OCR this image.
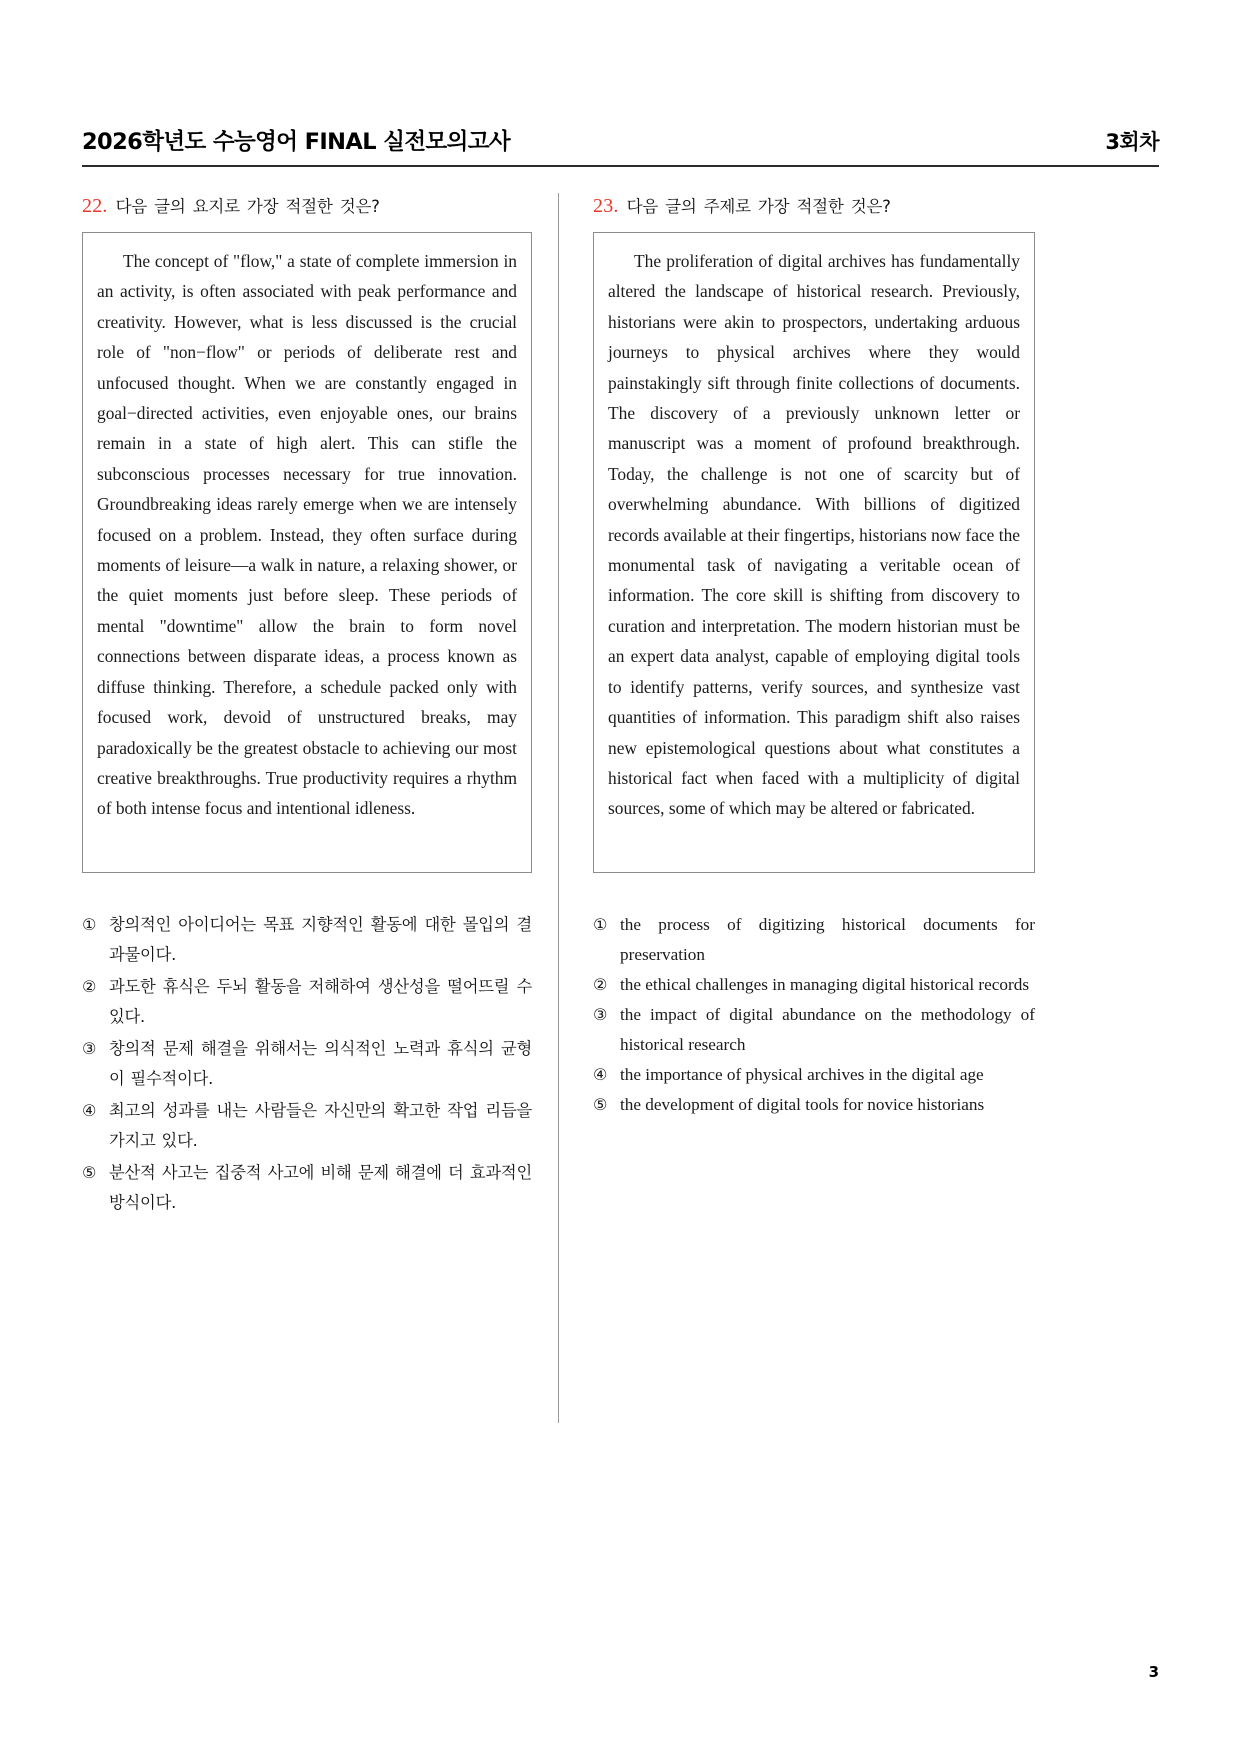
2026학년도 수능영어 FINAL 실전모의고사	3회차
22. 다음 글의 요지로 가장 적절한 것은?

The concept of "flow," a state of complete immersion in an activity, is often associated with peak performance and creativity. However, what is less discussed is the crucial role of "non−flow" or periods of deliberate rest and unfocused thought. When we are constantly engaged in goal−directed activities, even enjoyable ones, our brains remain in a state of high alert. This can stifle the subconscious processes necessary for true innovation. Groundbreaking ideas rarely emerge when we are intensely focused on a problem. Instead, they often surface during moments of leisure—a walk in nature, a relaxing shower, or the quiet moments just before sleep. These periods of mental "downtime" allow the brain to form novel connections between disparate ideas, a process known as diffuse thinking. Therefore, a schedule packed only with focused work, devoid of unstructured breaks, may paradoxically be the greatest obstacle to achieving our most creative breakthroughs. True productivity requires a rhythm of both intense focus and intentional idleness.

① 창의적인 아이디어는 목표 지향적인 활동에 대한 몰입의 결과물이다.
② 과도한 휴식은 두뇌 활동을 저해하여 생산성을 떨어뜨릴 수 있다.
③ 창의적 문제 해결을 위해서는 의식적인 노력과 휴식의 균형이 필수적이다.
④ 최고의 성과를 내는 사람들은 자신만의 확고한 작업 리듬을 가지고 있다.
⑤ 분산적 사고는 집중적 사고에 비해 문제 해결에 더 효과적인 방식이다.
23. 다음 글의 주제로 가장 적절한 것은?

The proliferation of digital archives has fundamentally altered the landscape of historical research. Previously, historians were akin to prospectors, undertaking arduous journeys to physical archives where they would painstakingly sift through finite collections of documents. The discovery of a previously unknown letter or manuscript was a moment of profound breakthrough. Today, the challenge is not one of scarcity but of overwhelming abundance. With billions of digitized records available at their fingertips, historians now face the monumental task of navigating a veritable ocean of information. The core skill is shifting from discovery to curation and interpretation. The modern historian must be an expert data analyst, capable of employing digital tools to identify patterns, verify sources, and synthesize vast quantities of information. This paradigm shift also raises new epistemological questions about what constitutes a historical fact when faced with a multiplicity of digital sources, some of which may be altered or fabricated.

① the process of digitizing historical documents for preservation
② the ethical challenges in managing digital historical records
③ the impact of digital abundance on the methodology of historical research
④ the importance of physical archives in the digital age
⑤ the development of digital tools for novice historians
3
